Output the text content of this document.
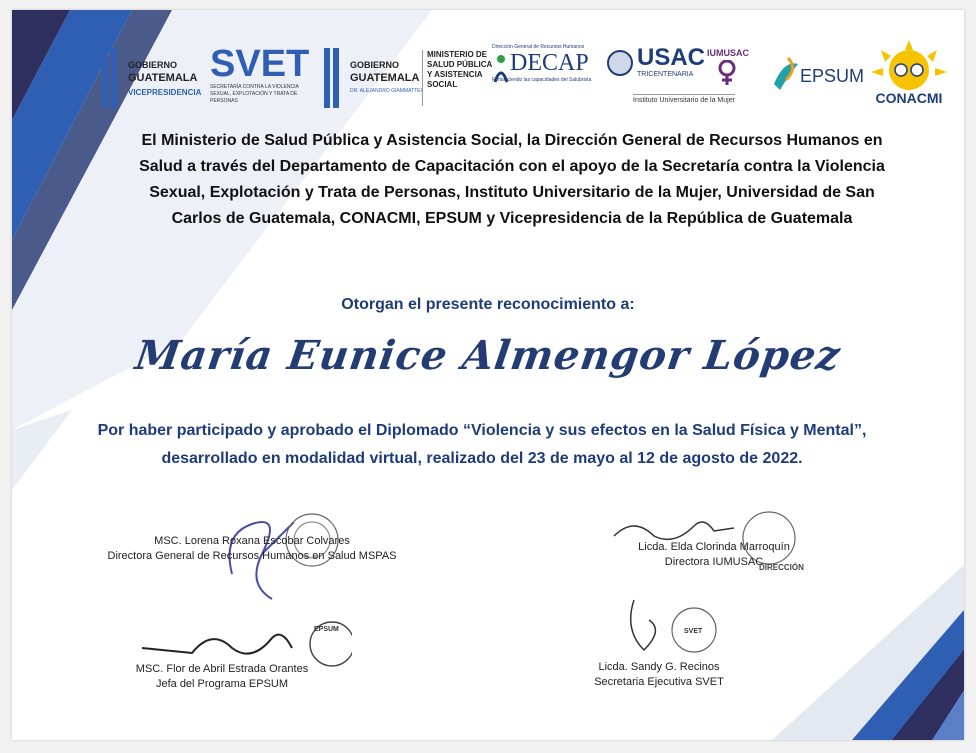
GOBIERNO
GUATEMALA
VICEPRESIDENCIA
SVET
SECRETARÍA CONTRA LA VIOLENCIA SEXUAL, EXPLOTACIÓN Y TRATA DE PERSONAS
GOBIERNO
GUATEMALA
DR. ALEJANDRO GIAMMATTEI
MINISTERIO DE SALUD PÚBLICA Y ASISTENCIA SOCIAL
Dirección General de Recursos Humanos
DECAP
Fortaleciendo las capacidades del Salubrista
USAC
TRICENTENARIA
IUMUSAC
Instituto Universitario de la Mujer
EPSUM
CONACMI
El Ministerio de Salud Pública y Asistencia Social, la Dirección General de Recursos Humanos en Salud a través del Departamento de Capacitación con el apoyo de la Secretaría contra la Violencia Sexual, Explotación y Trata de Personas, Instituto Universitario de la Mujer, Universidad de San Carlos de Guatemala, CONACMI, EPSUM y Vicepresidencia de la República de Guatemala
Otorgan el presente reconocimiento a:
María Eunice Almengor López
Por haber participado y aprobado el Diplomado “Violencia y sus efectos en la Salud Física y Mental”, desarrollado en modalidad virtual, realizado del 23 de mayo al 12 de agosto de 2022.
MSC. Lorena Roxana Escobar Colvares
Directora General de Recursos Humanos en Salud MSPAS
Licda. Elda Clorinda Marroquín
Directora IUMUSAC
DIRECCIÓN
MSC. Flor de Abril Estrada Orantes
Jefa del Programa EPSUM
EPSUM
Licda. Sandy G. Recinos
Secretaria Ejecutiva SVET
SVET
